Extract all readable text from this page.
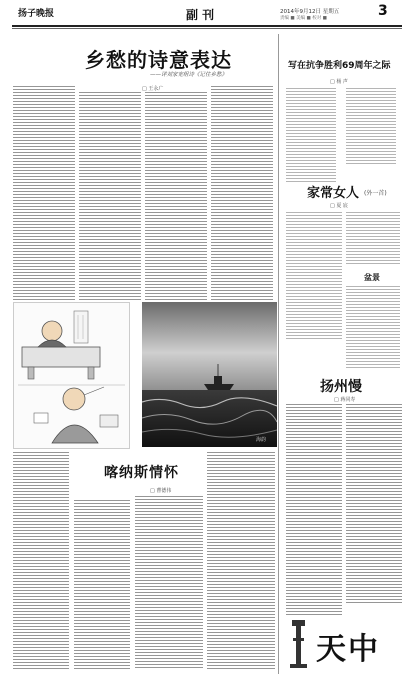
扬子晚报	副 刊	2014年9月12日 星期五
责编 ■ 美编 ■ 校对 ■	3
乡愁的诗意表达
——评刘家宽组诗《记住乡愁》
□ 王永广
写在抗争胜利69周年之际
□ 杨 声
家常女人 (外一首)
□ 夏 宸
盆景
扬州慢
□ 蒋同寿
海韵
喀纳斯情怀
□ 曹德伟
天中
